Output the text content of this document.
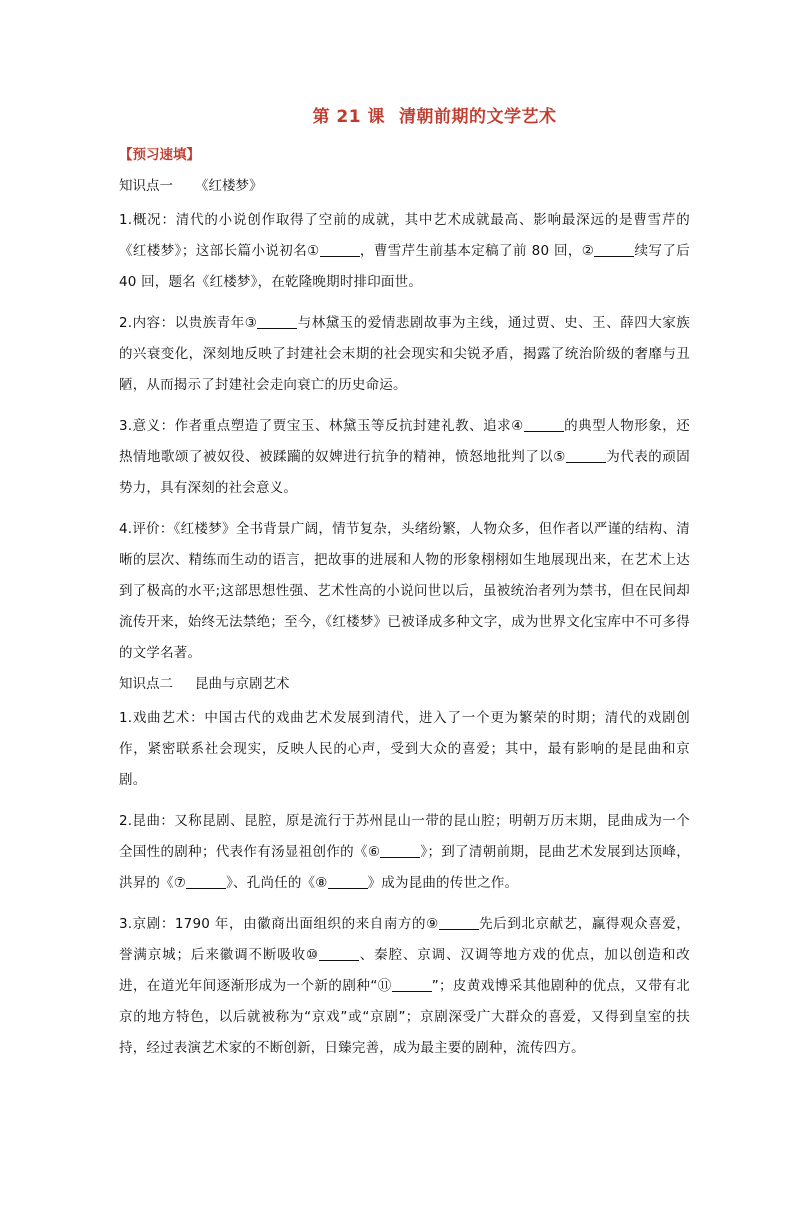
第 21 课 清朝前期的文学艺术
【预习速填】
知识点一 《红楼梦》

1.概况：清代的小说创作取得了空前的成就，其中艺术成就最高、影响最深远的是曹雪芹的《红楼梦》；这部长篇小说初名①	，曹雪芹生前基本定稿了前 80 回，②	续写了后 40 回，题名《红楼梦》，在乾隆晚期时排印面世。

2.内容：以贵族青年③	与林黛玉的爱情悲剧故事为主线，通过贾、史、王、薛四大家族的兴衰变化，深刻地反映了封建社会末期的社会现实和尖锐矛盾，揭露了统治阶级的奢靡与丑陋，从而揭示了封建社会走向衰亡的历史命运。

3.意义：作者重点塑造了贾宝玉、林黛玉等反抗封建礼教、追求④	的典型人物形象，还热情地歌颂了被奴役、被蹂躏的奴婢进行抗争的精神，愤怒地批判了以⑤	为代表的顽固势力，具有深刻的社会意义。

4.评价：《红楼梦》全书背景广阔，情节复杂，头绪纷繁，人物众多，但作者以严谨的结构、清晰的层次、精练而生动的语言，把故事的进展和人物的形象栩栩如生地展现出来，在艺术上达到了极高的水平;这部思想性强、艺术性高的小说问世以后，虽被统治者列为禁书，但在民间却流传开来，始终无法禁绝；至今，《红楼梦》已被译成多种文字，成为世界文化宝库中不可多得的文学名著。

知识点二 昆曲与京剧艺术

1.戏曲艺术：中国古代的戏曲艺术发展到清代，进入了一个更为繁荣的时期；清代的戏剧创作，紧密联系社会现实，反映人民的心声，受到大众的喜爱；其中，最有影响的是昆曲和京剧。

2.昆曲：又称昆剧、昆腔，原是流行于苏州昆山一带的昆山腔；明朝万历末期，昆曲成为一个全国性的剧种；代表作有汤显祖创作的《⑥	》；到了清朝前期，昆曲艺术发展到达顶峰，洪昇的《⑦	》、孔尚任的《⑧	》成为昆曲的传世之作。

3.京剧：1790 年，由徽商出面组织的来自南方的⑨	先后到北京献艺，赢得观众喜爱，誉满京城；后来徽调不断吸收⑩	、秦腔、京调、汉调等地方戏的优点，加以创造和改进，在道光年间逐渐形成为一个新的剧种“⑪	”；皮黄戏博采其他剧种的优点，又带有北京的地方特色，以后就被称为“京戏”或“京剧”；京剧深受广大群众的喜爱，又得到皇室的扶持，经过表演艺术家的不断创新，日臻完善，成为最主要的剧种，流传四方。
